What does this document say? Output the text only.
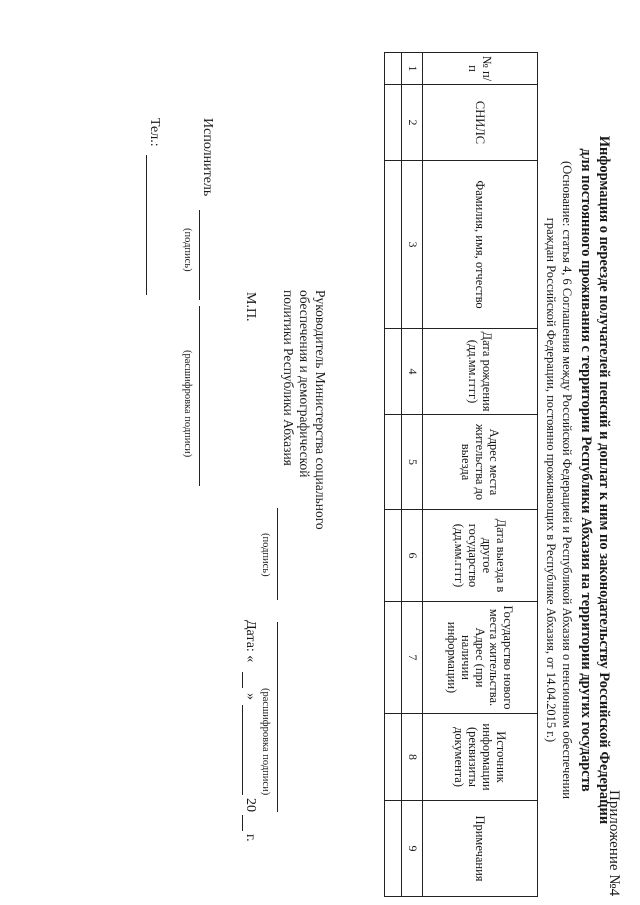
Приложение №4
Информация о переезде получателей пенсий и доплат к ним по законодательству Российской Федерации
для постоянного проживания с территории Республики Абхазия на территории других государств
(Основание: статья 4, 6 Соглашения между Российской Федерацией и Республикой Абхазия о пенсионном обеспечении
граждан Российской Федерации, постоянно проживающих в Республике Абхазия, от 14.04.2015 г.)
№ п/п	СНИЛС	Фамилия, имя, отчество	Дата рождения (дд.мм.гггг)	Адрес места жительства до выезда	Дата выезда в другое государство (дд.мм.гггг)	Государство нового места жительства. Адрес (при наличии информации)	Источник информации (реквизиты документа)	Примечания
1	2	3	4	5	6	7	8	9

Руководитель Министерства социального
обеспечения и демографической
политики Республики Абхазия
(подпись)
(расшифровка подписи)
М.П.
Дата: «
»
20
г.
Исполнитель
(подпись)
(расшифровка подписи)
Тел.:
